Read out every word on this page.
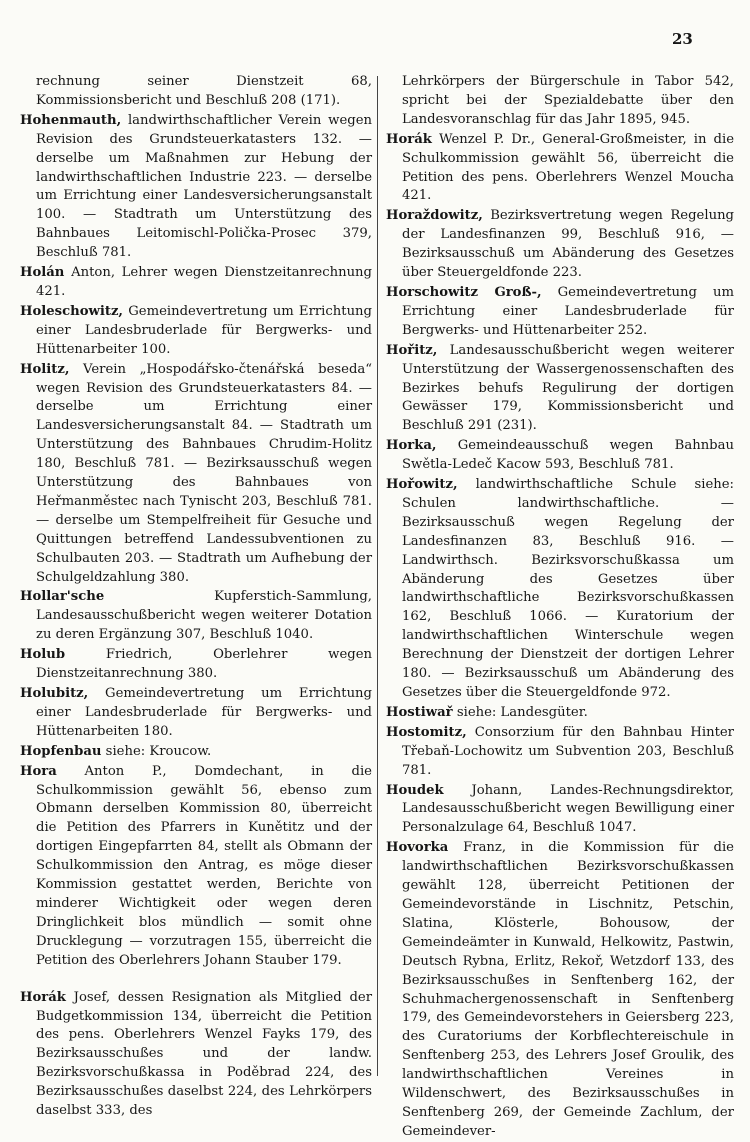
23

rechnung seiner Dienstzeit 68, Kommissionsbericht und Beschluß 208 (171).

Hohenmauth, landwirthschaftlicher Verein wegen Revision des Grundsteuerkatasters 132. — derselbe um Maßnahmen zur Hebung der landwirthschaftlichen Industrie 223. — derselbe um Errichtung einer Landesversicherungsanstalt 100. — Stadtrath um Unterstützung des Bahnbaues Leitomischl-Polička-Prosec 379, Beschluß 781.

Holán Anton, Lehrer wegen Dienstzeitanrechnung 421.

Holeschowitz, Gemeindevertretung um Errichtung einer Landesbruderlade für Bergwerks- und Hüttenarbeiter 100.

Holitz, Verein „Hospodářsko-čtenářská beseda“ wegen Revision des Grundsteuerkatasters 84. — derselbe um Errichtung einer Landesversicherungsanstalt 84. — Stadtrath um Unterstützung des Bahnbaues Chrudim-Holitz 180, Beschluß 781. — Bezirksausschuß wegen Unterstützung des Bahnbaues von Heřmanměstec nach Tynischt 203, Beschluß 781. — derselbe um Stempelfreiheit für Gesuche und Quittungen betreffend Landessubventionen zu Schulbauten 203. — Stadtrath um Aufhebung der Schulgeldzahlung 380.

Hollar'sche Kupferstich-Sammlung, Landesausschußbericht wegen weiterer Dotation zu deren Ergänzung 307, Beschluß 1040.

Holub Friedrich, Oberlehrer wegen Dienstzeitanrechnung 380.

Holubitz, Gemeindevertretung um Errichtung einer Landesbruderlade für Bergwerks- und Hüttenarbeiten 180.

Hopfenbau siehe: Kroucow.

Hora Anton P., Domdechant, in die Schulkommission gewählt 56, ebenso zum Obmann derselben Kommission 80, überreicht die Petition des Pfarrers in Kunětitz und der dortigen Eingepfarrten 84, stellt als Obmann der Schulkommission den Antrag, es möge dieser Kommission gestattet werden, Berichte von minderer Wichtigkeit oder wegen deren Dringlichkeit blos mündlich — somit ohne Drucklegung — vorzutragen 155, überreicht die Petition des Oberlehrers Johann Stauber 179.

Horák Josef, dessen Resignation als Mitglied der Budgetkommission 134, überreicht die Petition des pens. Oberlehrers Wenzel Fayks 179, des Bezirksausschußes und der landw. Bezirksvorschußkassa in Poděbrad 224, des Bezirksausschußes daselbst 224, des Lehrkörpers daselbst 333, des

Lehrkörpers der Bürgerschule in Tabor 542, spricht bei der Spezialdebatte über den Landesvoranschlag für das Jahr 1895, 945.

Horák Wenzel P. Dr., General-Großmeister, in die Schulkommission gewählt 56, überreicht die Petition des pens. Oberlehrers Wenzel Moucha 421.

Horaždowitz, Bezirksvertretung wegen Regelung der Landesfinanzen 99, Beschluß 916, — Bezirksausschuß um Abänderung des Gesetzes über Steuergeldfonde 223.

Horschowitz Groß-, Gemeindevertretung um Errichtung einer Landesbruderlade für Bergwerks- und Hüttenarbeiter 252.

Hořitz, Landesausschußbericht wegen weiterer Unterstützung der Wassergenossenschaften des Bezirkes behufs Regulirung der dortigen Gewässer 179, Kommissionsbericht und Beschluß 291 (231).

Horka, Gemeindeausschuß wegen Bahnbau Swětla-Ledeč Kacow 593, Beschluß 781.

Hořowitz, landwirthschaftliche Schule siehe: Schulen landwirthschaftliche. — Bezirksausschuß wegen Regelung der Landesfinanzen 83, Beschluß 916. — Landwirthsch. Bezirksvorschußkassa um Abänderung des Gesetzes über landwirthschaftliche Bezirksvorschußkassen 162, Beschluß 1066. — Kuratorium der landwirthschaftlichen Winterschule wegen Berechnung der Dienstzeit der dortigen Lehrer 180. — Bezirksausschuß um Abänderung des Gesetzes über die Steuergeldfonde 972.

Hostiwař siehe: Landesgüter.

Hostomitz, Consorzium für den Bahnbau Hinter Třebaň-Lochowitz um Subvention 203, Beschluß 781.

Houdek Johann, Landes-Rechnungsdirektor, Landesausschußbericht wegen Bewilligung einer Personalzulage 64, Beschluß 1047.

Hovorka Franz, in die Kommission für die landwirthschaftlichen Bezirksvorschußkassen gewählt 128, überreicht Petitionen der Gemeindevorstände in Lischnitz, Petschin, Slatina, Klösterle, Bohousow, der Gemeindeämter in Kunwald, Helkowitz, Pastwin, Deutsch Rybna, Erlitz, Rekoř, Wetzdorf 133, des Bezirksausschußes in Senftenberg 162, der Schuhmachergenossenschaft in Senftenberg 179, des Gemeindevorstehers in Geiersberg 223, des Curatoriums der Korbflechtereischule in Senftenberg 253, des Lehrers Josef Groulik, des landwirthschaftlichen Vereines in Wildenschwert, des Bezirksausschußes in Senftenberg 269, der Gemeinde Zachlum, der Gemeindever-
